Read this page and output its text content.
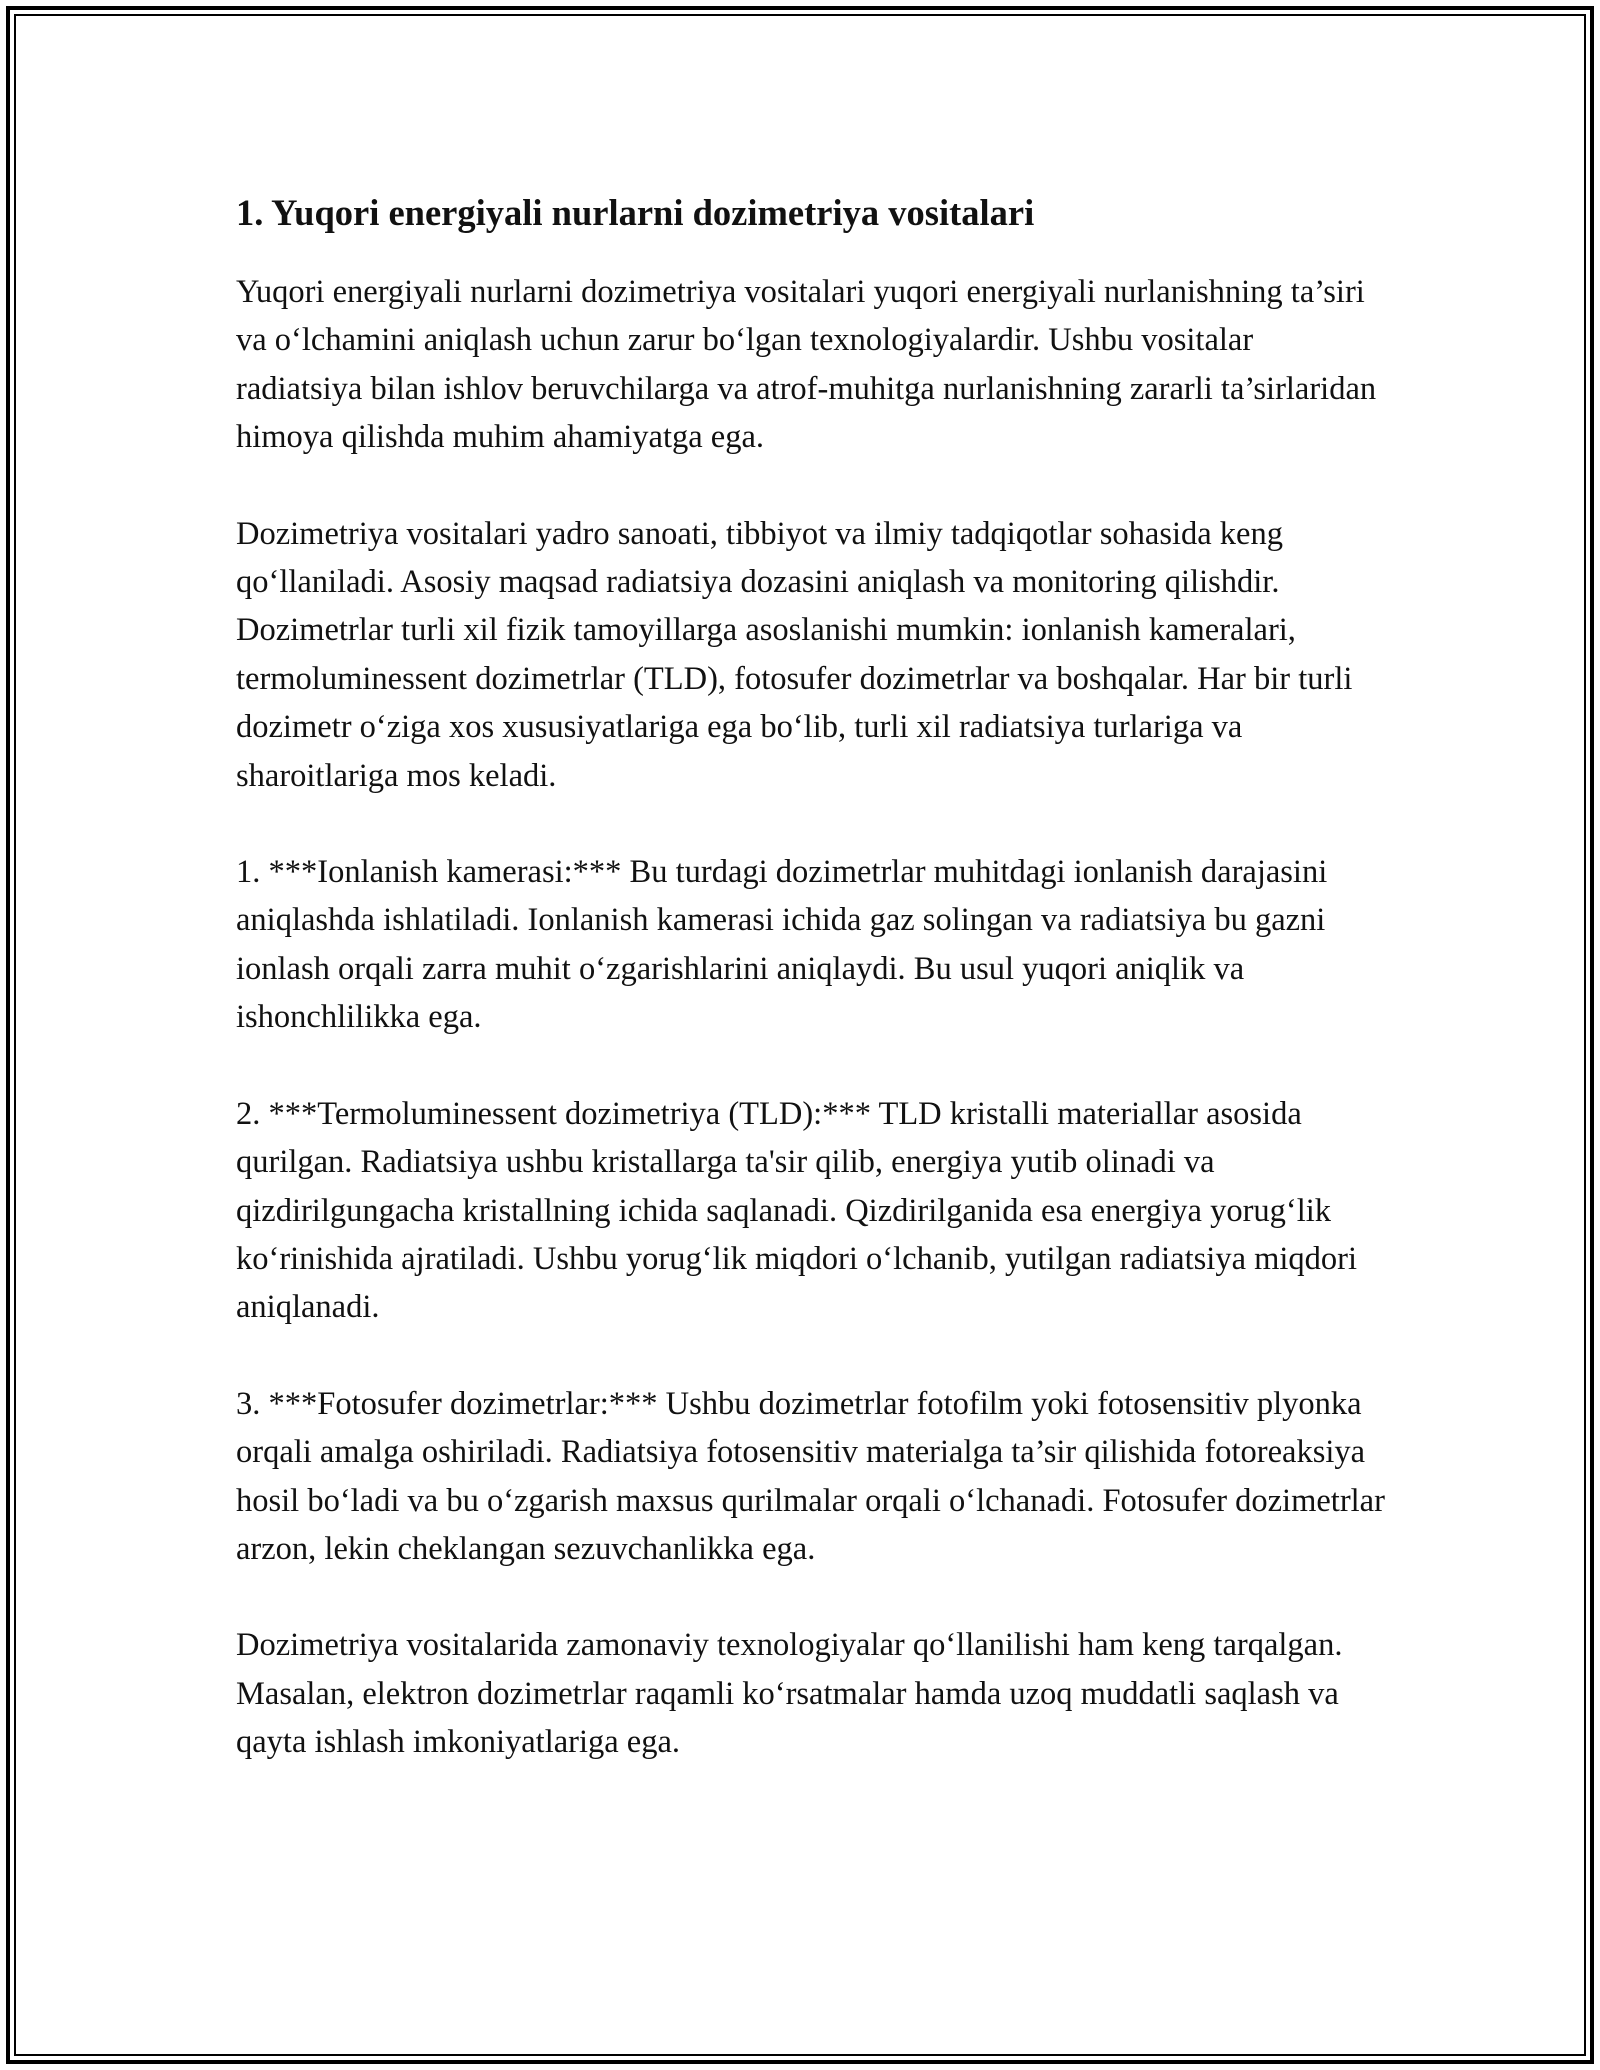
1. Yuqori energiyali nurlarni dozimetriya vositalari

Yuqori energiyali nurlarni dozimetriya vositalari yuqori energiyali nurlanishning ta’siri va o‘lchamini aniqlash uchun zarur bo‘lgan texnologiyalardir. Ushbu vositalar radiatsiya bilan ishlov beruvchilarga va atrof-muhitga nurlanishning zararli ta’sirlaridan himoya qilishda muhim ahamiyatga ega.

Dozimetriya vositalari yadro sanoati, tibbiyot va ilmiy tadqiqotlar sohasida keng qo‘llaniladi. Asosiy maqsad radiatsiya dozasini aniqlash va monitoring qilishdir. Dozimetrlar turli xil fizik tamoyillarga asoslanishi mumkin: ionlanish kameralari, termoluminessent dozimetrlar (TLD), fotosufer dozimetrlar va boshqalar. Har bir turli dozimetr o‘ziga xos xususiyatlariga ega bo‘lib, turli xil radiatsiya turlariga va sharoitlariga mos keladi.

1. ***Ionlanish kamerasi:*** Bu turdagi dozimetrlar muhitdagi ionlanish darajasini aniqlashda ishlatiladi. Ionlanish kamerasi ichida gaz solingan va radiatsiya bu gazni ionlash orqali zarra muhit o‘zgarishlarini aniqlaydi. Bu usul yuqori aniqlik va ishonchlilikka ega.

2. ***Termoluminessent dozimetriya (TLD):*** TLD kristalli materiallar asosida qurilgan. Radiatsiya ushbu kristallarga ta'sir qilib, energiya yutib olinadi va qizdirilgungacha kristallning ichida saqlanadi. Qizdirilganida esa energiya yorug‘lik ko‘rinishida ajratiladi. Ushbu yorug‘lik miqdori o‘lchanib, yutilgan radiatsiya miqdori aniqlanadi.

3. ***Fotosufer dozimetrlar:*** Ushbu dozimetrlar fotofilm yoki fotosensitiv plyonka orqali amalga oshiriladi. Radiatsiya fotosensitiv materialga ta’sir qilishida fotoreaksiya hosil bo‘ladi va bu o‘zgarish maxsus qurilmalar orqali o‘lchanadi. Fotosufer dozimetrlar arzon, lekin cheklangan sezuvchanlikka ega.

Dozimetriya vositalarida zamonaviy texnologiyalar qo‘llanilishi ham keng tarqalgan. Masalan, elektron dozimetrlar raqamli ko‘rsatmalar hamda uzoq muddatli saqlash va qayta ishlash imkoniyatlariga ega.
